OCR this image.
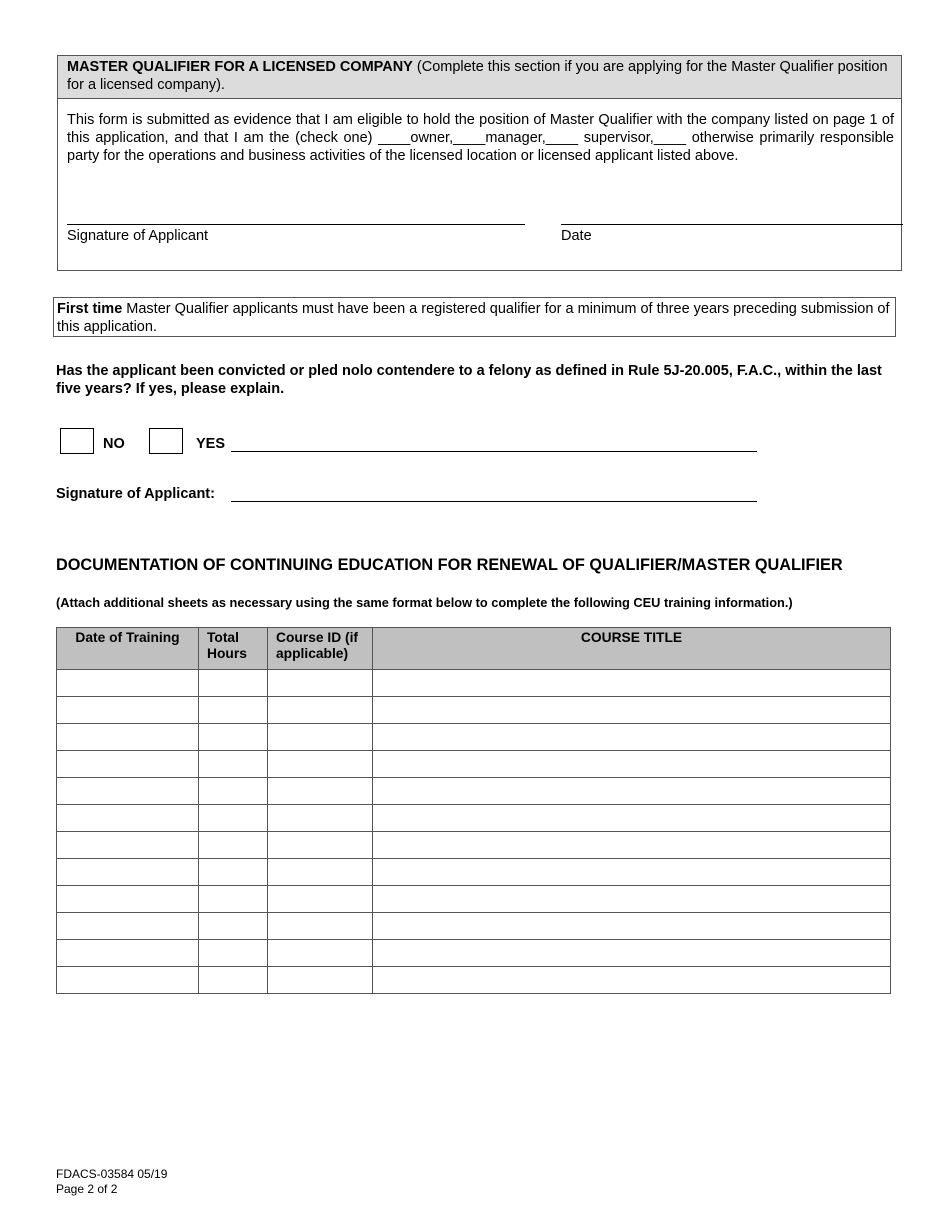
MASTER QUALIFIER FOR A LICENSED COMPANY (Complete this section if you are applying for the Master Qualifier position for a licensed company).
This form is submitted as evidence that I am eligible to hold the position of Master Qualifier with the company listed on page 1 of this application, and that I am the (check one) ____owner,____manager,____ supervisor,____ otherwise primarily responsible party for the operations and business activities of the licensed location or licensed applicant listed above.
Signature of Applicant	Date
First time Master Qualifier applicants must have been a registered qualifier for a minimum of three years preceding submission of this application.
Has the applicant been convicted or pled nolo contendere to a felony as defined in Rule 5J-20.005, F.A.C., within the last five years? If yes, please explain.
NO	YES
Signature of Applicant:
DOCUMENTATION OF CONTINUING EDUCATION FOR RENEWAL OF QUALIFIER/MASTER QUALIFIER
(Attach additional sheets as necessary using the same format below to complete the following CEU training information.)
Date of Training	Total Hours	Course ID (if applicable)	COURSE TITLE

FDACS-03584 05/19
Page 2 of 2
